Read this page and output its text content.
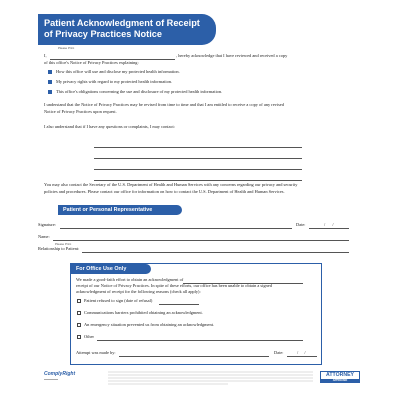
Patient Acknowledgment of Receipt of Privacy Practices Notice
Please Print
I,	, hereby acknowledge that I have reviewed and received a copy
of this office's Notice of Privacy Practices explaining:
How this office will use and disclose my protected health information.
My privacy rights with regard to my protected health information.
This office's obligations concerning the use and disclosure of my protected health information.
I understand that the Notice of Privacy Practices may be revised from time to time and that I am entitled to receive a copy of any revised
Notice of Privacy Practices upon request.
I also understand that if I have any questions or complaints, I may contact:
You may also contact the Secretary of the U.S. Department of Health and Human Services with any concerns regarding our privacy and security
policies and procedures. Please contact our office for information on how to contact the U.S. Department of Health and Human Services.
Patient or Personal Representative
Signature:	Date:	/ /
Name:
Please Print
Relationship to Patient:
For Office Use Only
We made a good-faith effort to obtain an acknowledgment of
receipt of our Notice of Privacy Practices. In spite of these efforts, our office has been unable to obtain a signed
acknowledgment of receipt for the following reasons (check all apply):
Patient refused to sign (date of refusal)
Communications barriers prohibited obtaining an acknowledgment.
An emergency situation prevented us from obtaining an acknowledgment.
Other
Attempt was made by:	Date:	/ /
ComplyRight	ATTORNEY
APPROVED
